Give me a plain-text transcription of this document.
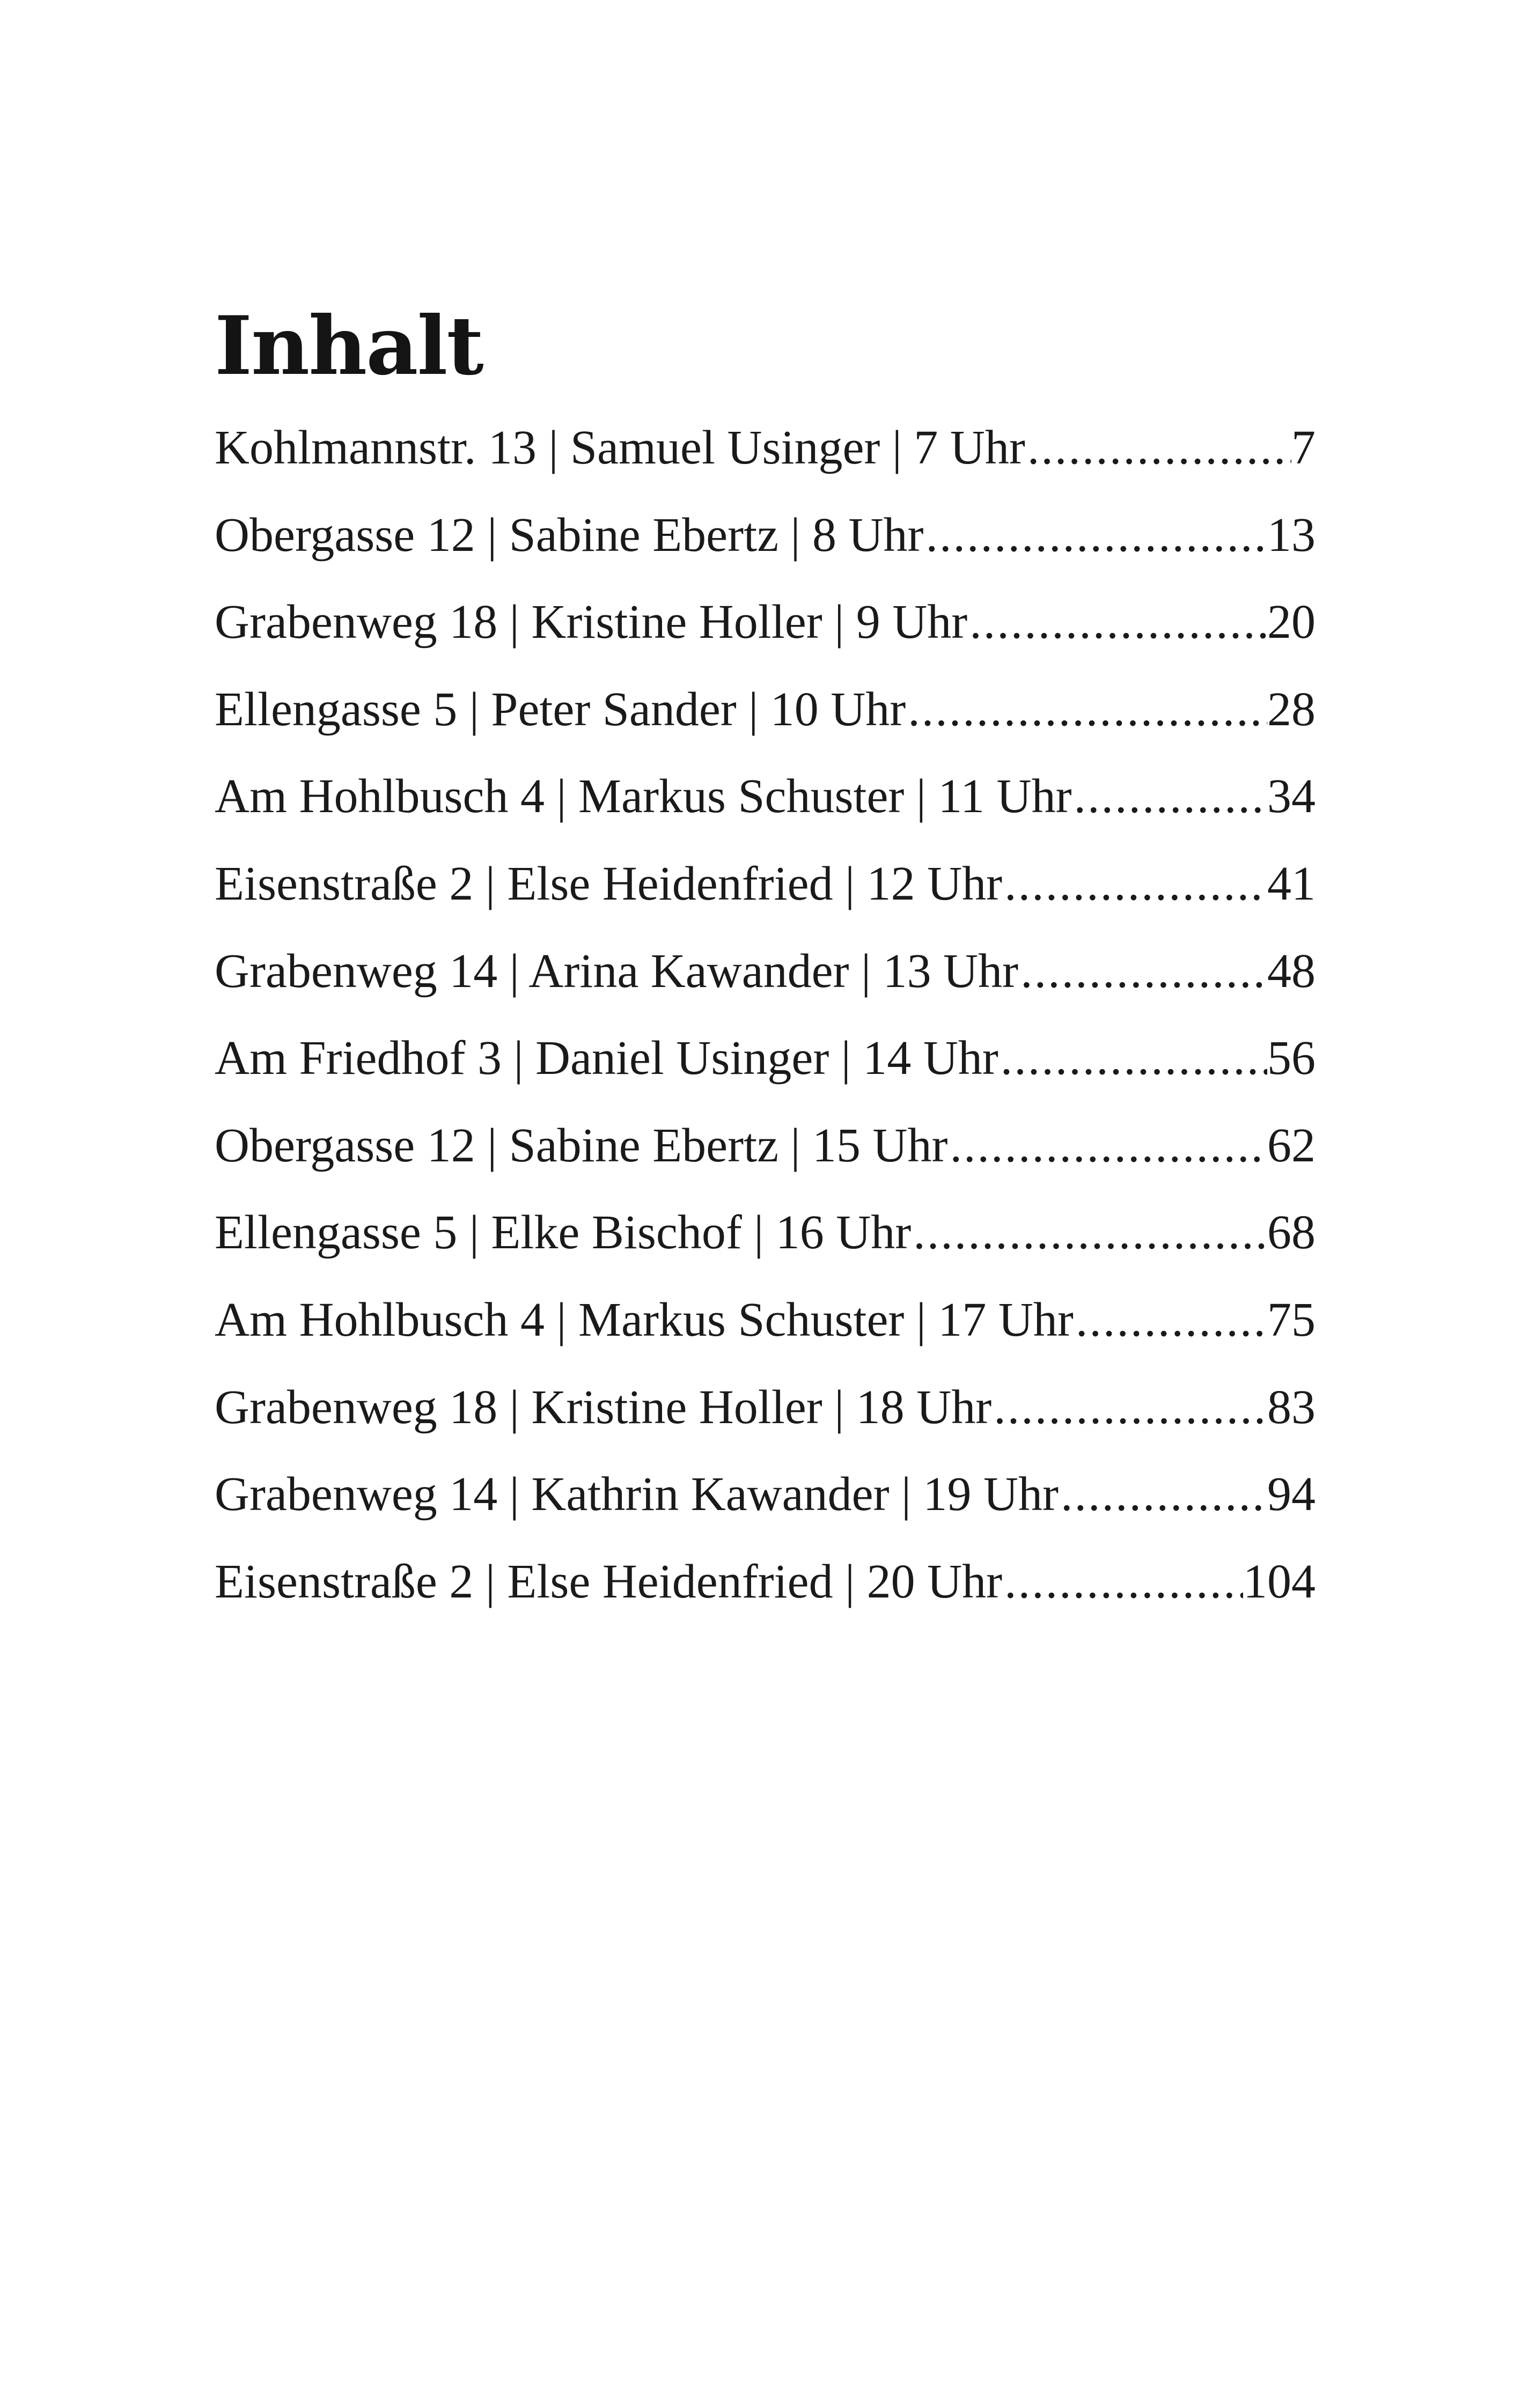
Inhalt
Kohlmannstr. 13 | Samuel Usinger | 7 Uhr .....	7
Obergasse 12 | Sabine Ebertz | 8 Uhr .....	13
Grabenweg 18 | Kristine Holler | 9 Uhr .....	20
Ellengasse 5 | Peter Sander | 10 Uhr .....	28
Am Hohlbusch 4 | Markus Schuster | 11 Uhr .....	34
Eisenstraße 2 | Else Heidenfried | 12 Uhr .....	41
Grabenweg 14 | Arina Kawander | 13 Uhr .....	48
Am Friedhof 3 | Daniel Usinger | 14 Uhr .....	56
Obergasse 12 | Sabine Ebertz | 15 Uhr .....	62
Ellengasse 5 | Elke Bischof | 16 Uhr .....	68
Am Hohlbusch 4 | Markus Schuster | 17 Uhr .....	75
Grabenweg 18 | Kristine Holler | 18 Uhr .....	83
Grabenweg 14 | Kathrin Kawander | 19 Uhr .....	94
Eisenstraße 2 | Else Heidenfried | 20 Uhr .....	104
